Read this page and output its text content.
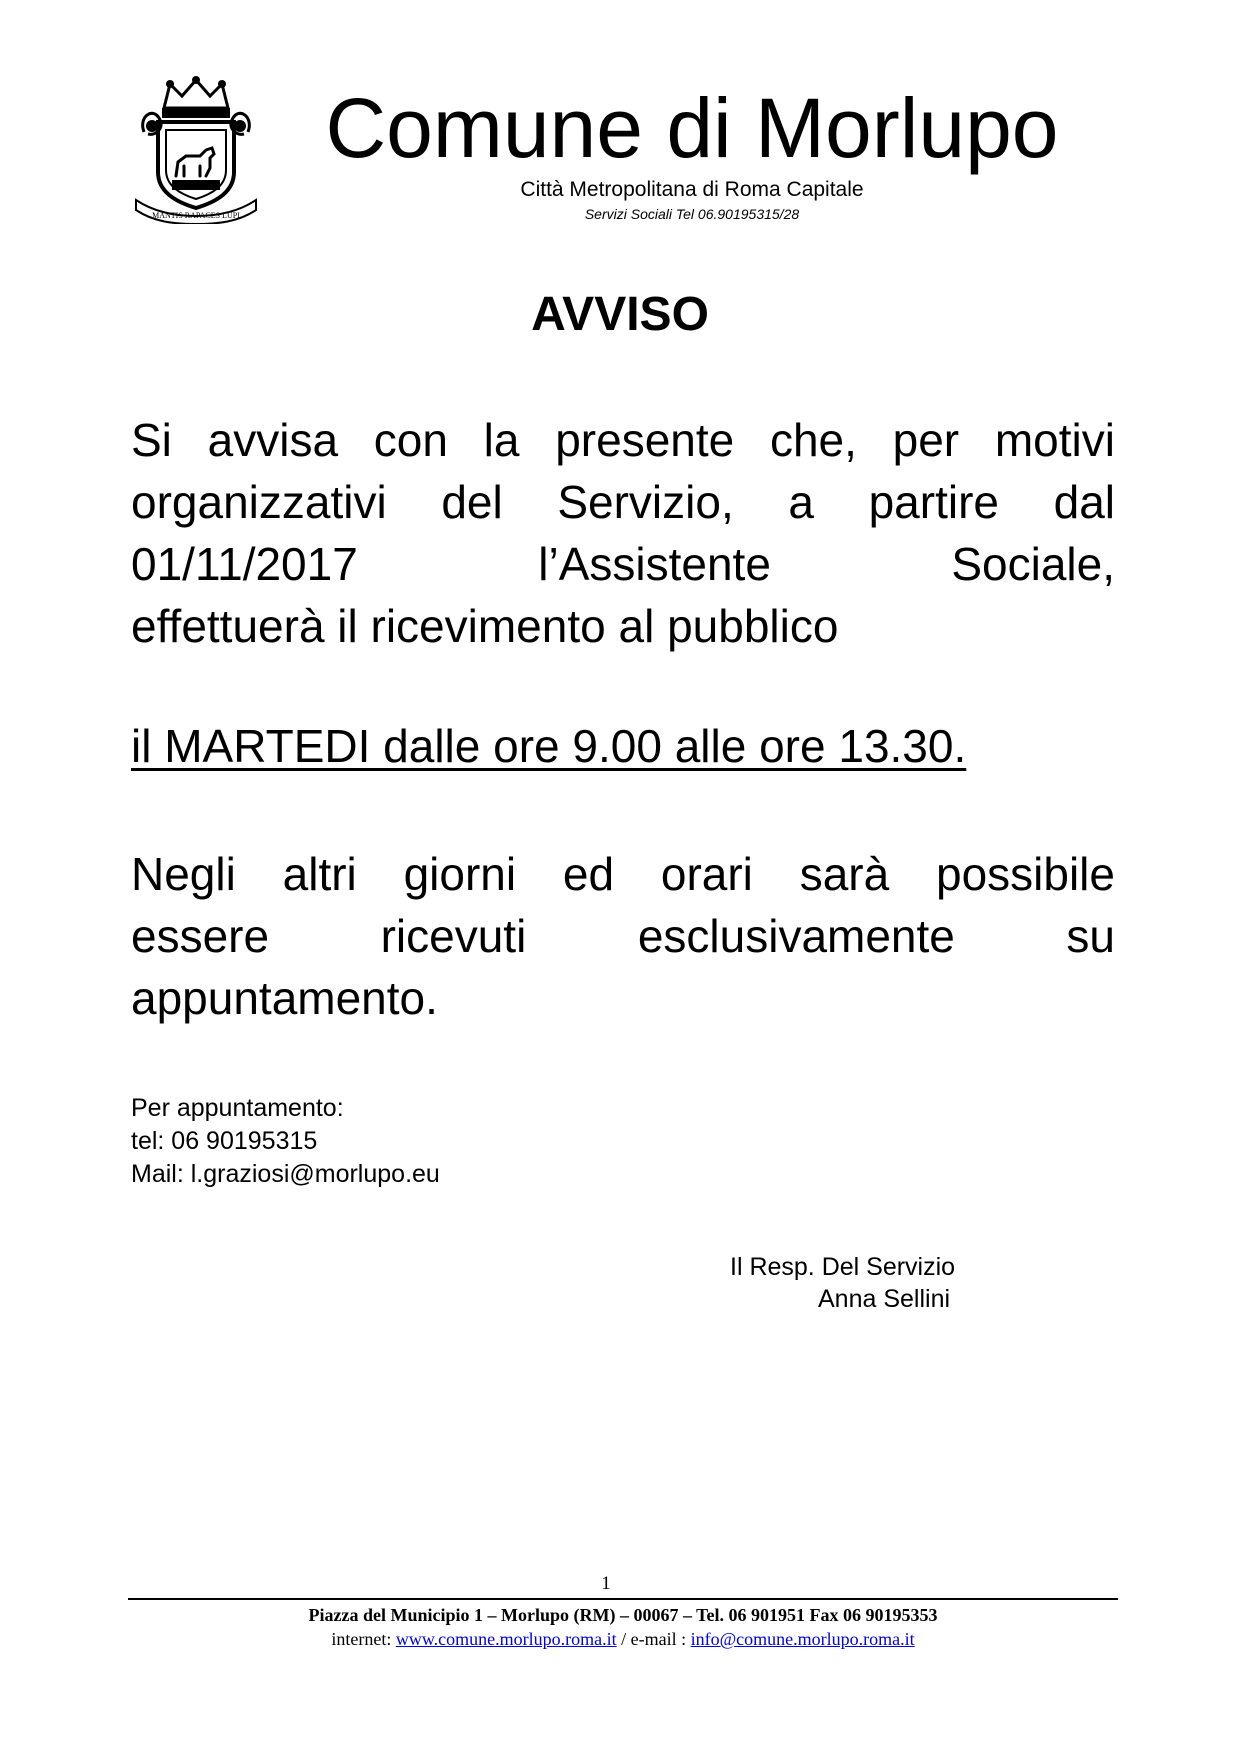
MANTIS RAPACES LUPI
Comune di Morlupo
Città Metropolitana di Roma Capitale
Servizi Sociali Tel 06.90195315/28
AVVISO
Si avvisa con la presente che, per motivi
organizzativi del Servizio, a partire dal
01/11/2017 l’Assistente Sociale,
effettuerà il ricevimento al pubblico
il MARTEDI dalle ore 9.00 alle ore 13.30.
Negli altri giorni ed orari sarà possibile
essere ricevuti esclusivamente su
appuntamento.
Per appuntamento:
tel: 06 90195315
Mail: l.graziosi@morlupo.eu
Il Resp. Del Servizio
Anna Sellini
1
Piazza del Municipio 1 – Morlupo (RM) – 00067 – Tel. 06 901951 Fax 06 90195353
internet: www.comune.morlupo.roma.it / e-mail : info@comune.morlupo.roma.it
